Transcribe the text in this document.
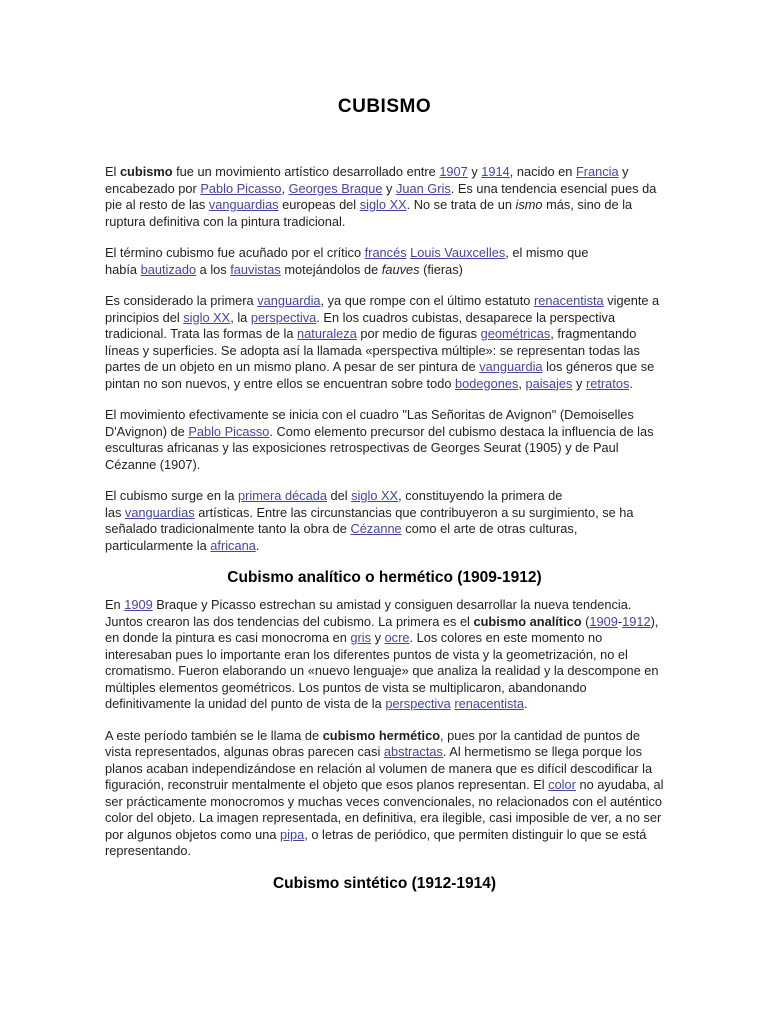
CUBISMO

El cubismo fue un movimiento artístico desarrollado entre 1907 y 1914, nacido en Francia y encabezado por Pablo Picasso, Georges Braque y Juan Gris. Es una tendencia esencial pues da pie al resto de las vanguardias europeas del siglo XX. No se trata de un ismo más, sino de la ruptura definitiva con la pintura tradicional.

El término cubismo fue acuñado por el crítico francés Louis Vauxcelles, el mismo que
había bautizado a los fauvistas motejándolos de fauves (fieras)

Es considerado la primera vanguardia, ya que rompe con el último estatuto renacentista vigente a principios del siglo XX, la perspectiva. En los cuadros cubistas, desaparece la perspectiva tradicional. Trata las formas de la naturaleza por medio de figuras geométricas, fragmentando líneas y superficies. Se adopta así la llamada «perspectiva múltiple»: se representan todas las partes de un objeto en un mismo plano. A pesar de ser pintura de vanguardia los géneros que se pintan no son nuevos, y entre ellos se encuentran sobre todo bodegones, paisajes y retratos.

El movimiento efectivamente se inicia con el cuadro "Las Señoritas de Avignon" (Demoiselles D'Avignon) de Pablo Picasso. Como elemento precursor del cubismo destaca la influencia de las esculturas africanas y las exposiciones retrospectivas de Georges Seurat (1905) y de Paul Cézanne (1907).

El cubismo surge en la primera década del siglo XX, constituyendo la primera de
las vanguardias artísticas. Entre las circunstancias que contribuyeron a su surgimiento, se ha señalado tradicionalmente tanto la obra de Cézanne como el arte de otras culturas, particularmente la africana.

Cubismo analítico o hermético (1909-1912)

En 1909 Braque y Picasso estrechan su amistad y consiguen desarrollar la nueva tendencia. Juntos crearon las dos tendencias del cubismo. La primera es el cubismo analítico (1909-1912), en donde la pintura es casi monocroma en gris y ocre. Los colores en este momento no interesaban pues lo importante eran los diferentes puntos de vista y la geometrización, no el cromatismo. Fueron elaborando un «nuevo lenguaje» que analiza la realidad y la descompone en múltiples elementos geométricos. Los puntos de vista se multiplicaron, abandonando definitivamente la unidad del punto de vista de la perspectiva renacentista.

A este período también se le llama de cubismo hermético, pues por la cantidad de puntos de vista representados, algunas obras parecen casi abstractas. Al hermetismo se llega porque los planos acaban independizándose en relación al volumen de manera que es difícil descodificar la figuración, reconstruir mentalmente el objeto que esos planos representan. El color no ayudaba, al ser prácticamente monocromos y muchas veces convencionales, no relacionados con el auténtico color del objeto. La imagen representada, en definitiva, era ilegible, casi imposible de ver, a no ser por algunos objetos como una pipa, o letras de periódico, que permiten distinguir lo que se está representando.

Cubismo sintético (1912-1914)
